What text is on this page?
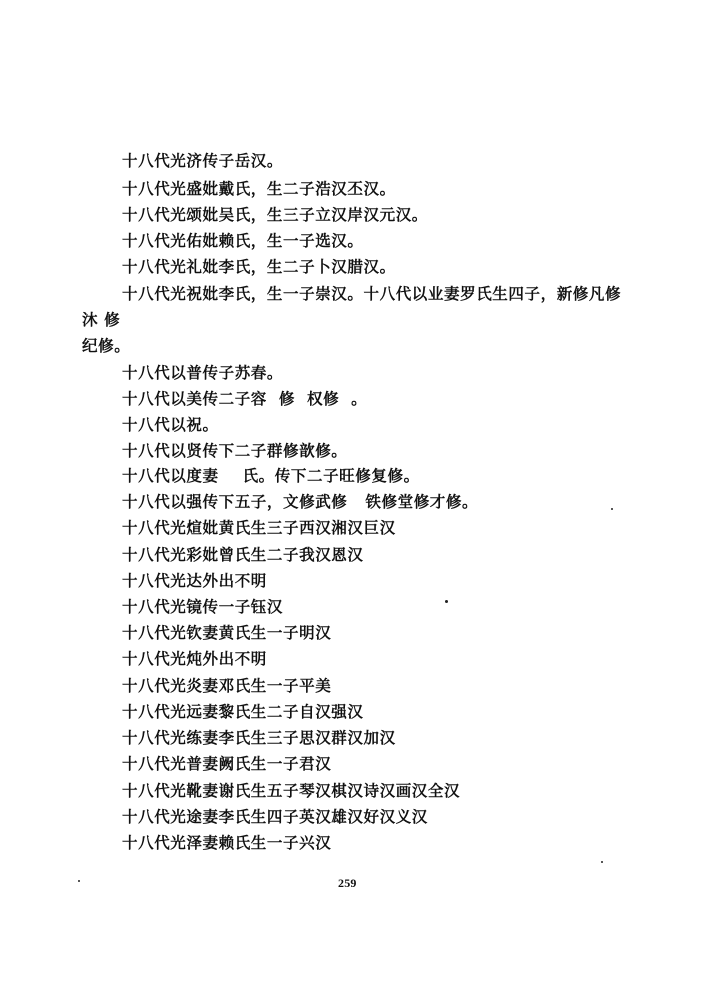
十八代光济传子岳汉。
十八代光盛妣戴氏，生二子浩汉丕汉。
十八代光颂妣吴氏，生三子立汉岸汉元汉。
十八代光佑妣赖氏，生一子选汉。
十八代光礼妣李氏，生二子卜汉腊汉。
十八代光祝妣李氏，生一子崇汉。十八代以业妻罗氏生四子，新修凡修
沐 修
纪修。
十八代以普传子苏春。
十八代以美传二子容  修  权修  。
十八代以祝。
十八代以贤传下二子群修歆修。
十八代以度妻    氏。传下二子旺修复修。
十八代以强传下五子，文修武修   铁修堂修才修。
十八代光煊妣黄氏生三子西汉湘汉巨汉
十八代光彩妣曾氏生二子我汉恩汉
十八代光达外出不明
十八代光镜传一子钰汉
十八代光钦妻黄氏生一子明汉
十八代光炖外出不明
十八代光炎妻邓氏生一子平美
十八代光远妻黎氏生二子自汉强汉
十八代光练妻李氏生三子思汉群汉加汉
十八代光普妻阙氏生一子君汉
十八代光靴妻谢氏生五子琴汉棋汉诗汉画汉全汉
十八代光途妻李氏生四子英汉雄汉好汉义汉
十八代光泽妻赖氏生一子兴汉
259
